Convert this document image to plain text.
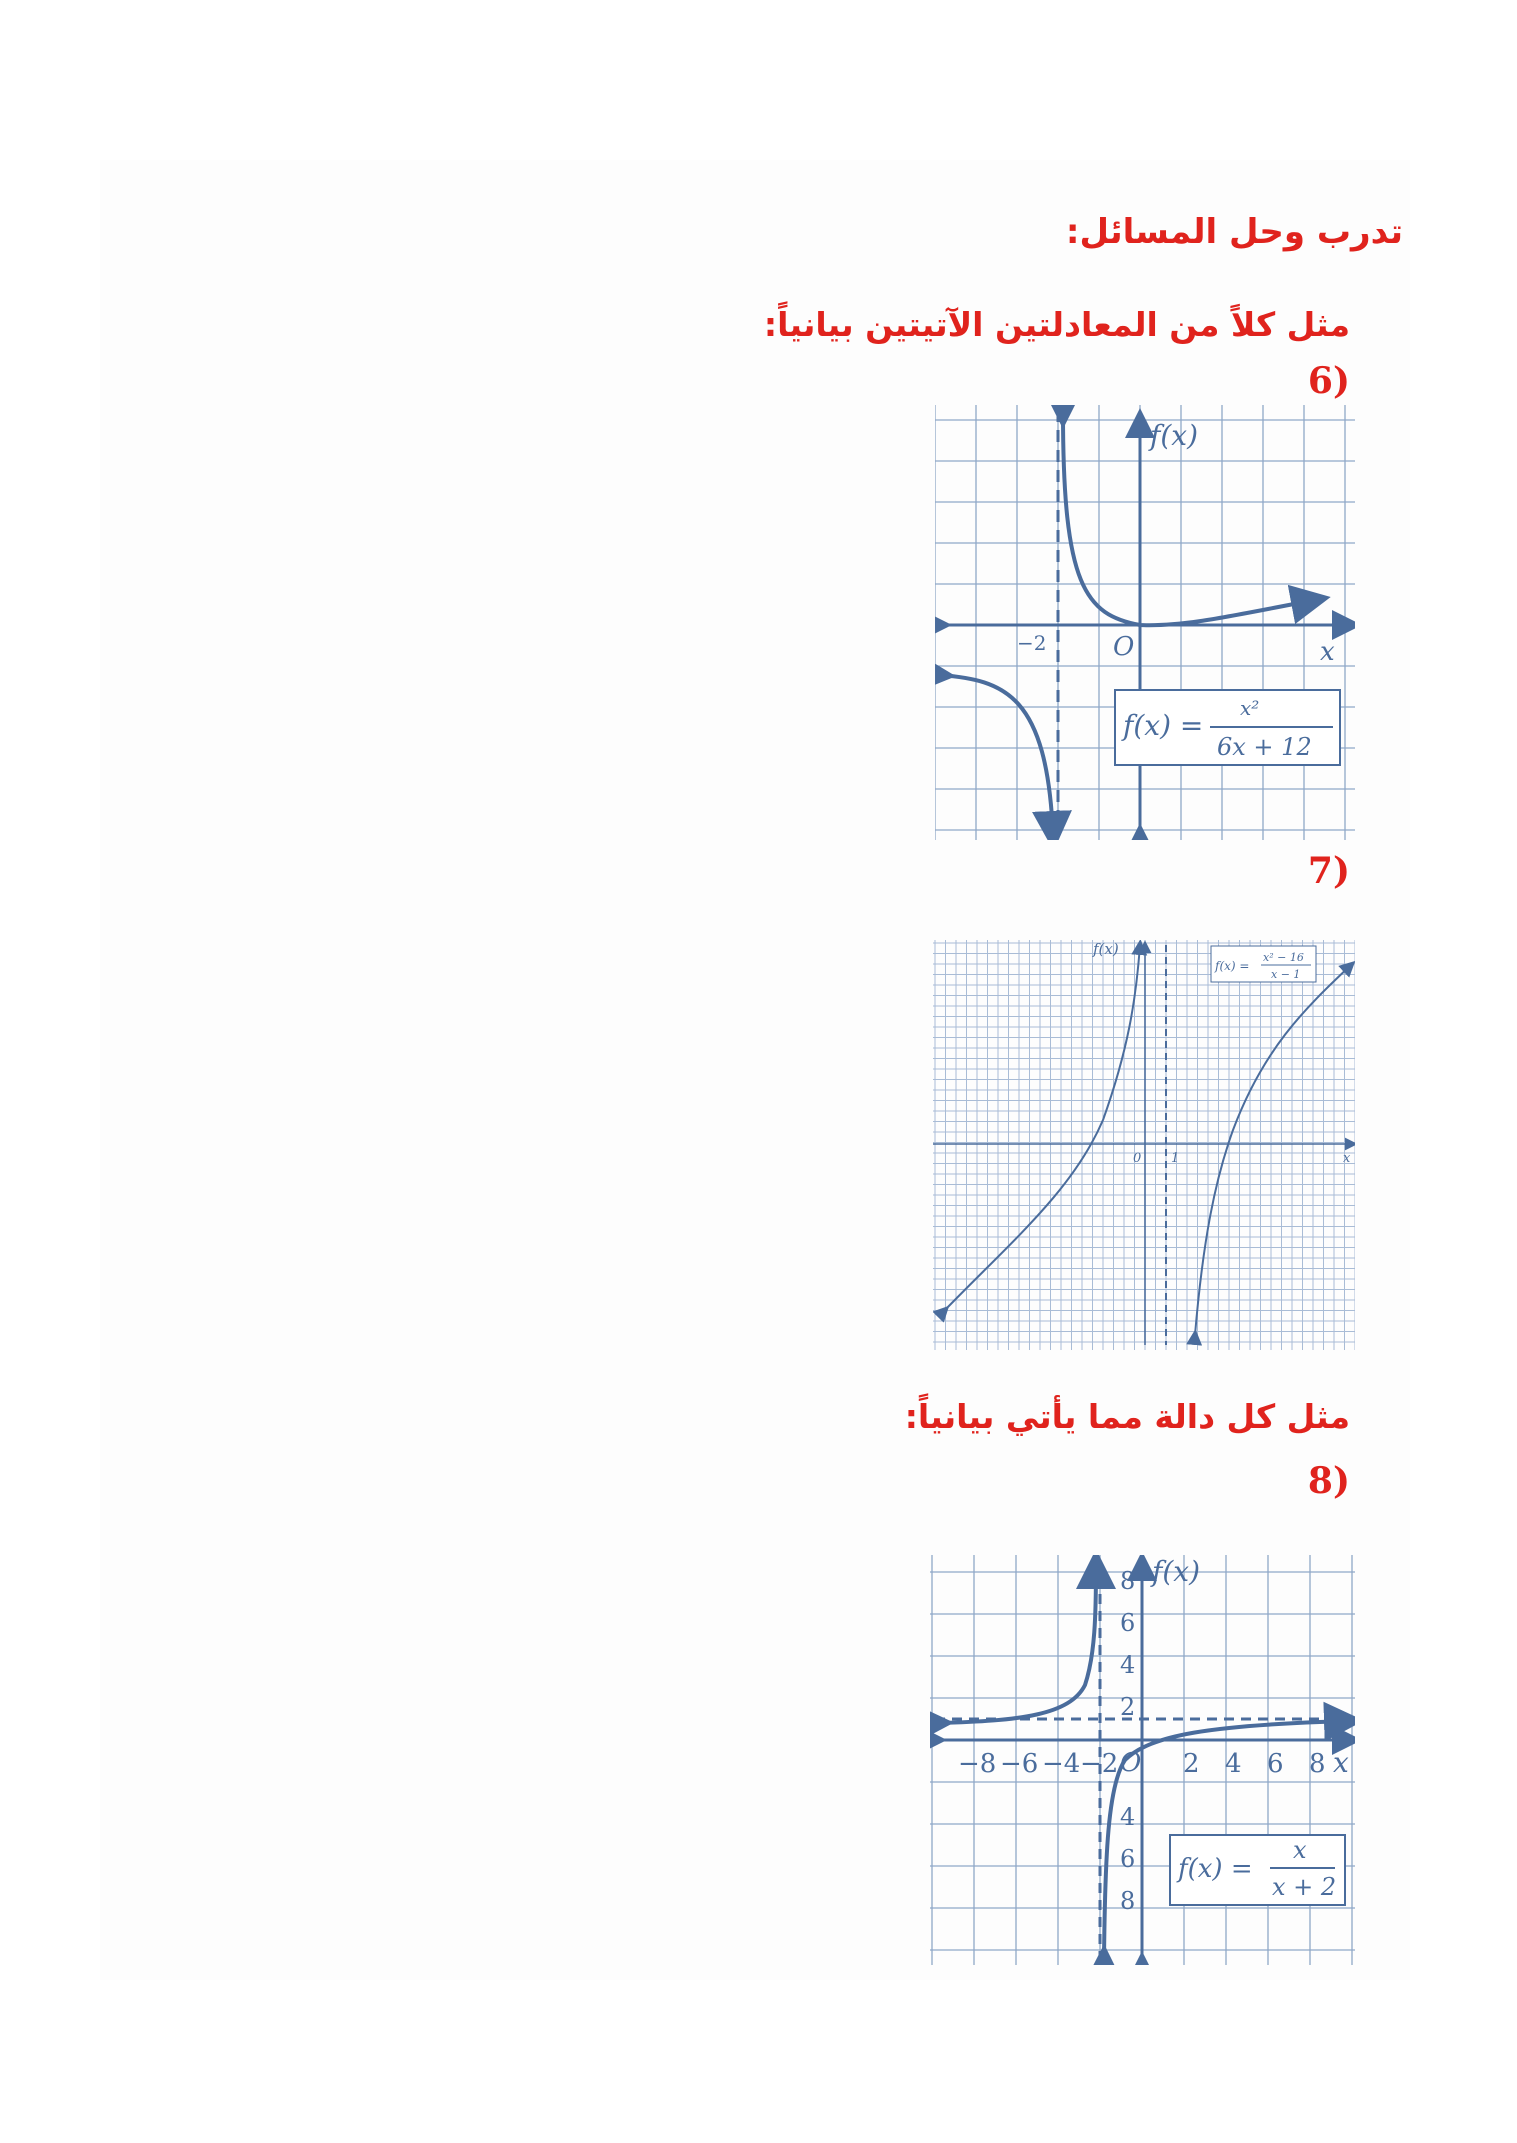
تدرب وحل المسائل:
مثل كلاً من المعادلتين الآتيتين بيانياً:
6)
f(x)
x
O
−2
f(x) =
x²
6x + 12
7)
f(x)
x
0 1
f(x) =
x² − 16
x − 1
مثل كل دالة مما يأتي بيانياً:
8)
f(x)
x
O
−8 −6 −4 −2 2 4 6 8
8
6
4
2
4
6
8
f(x) =
x
x + 2
